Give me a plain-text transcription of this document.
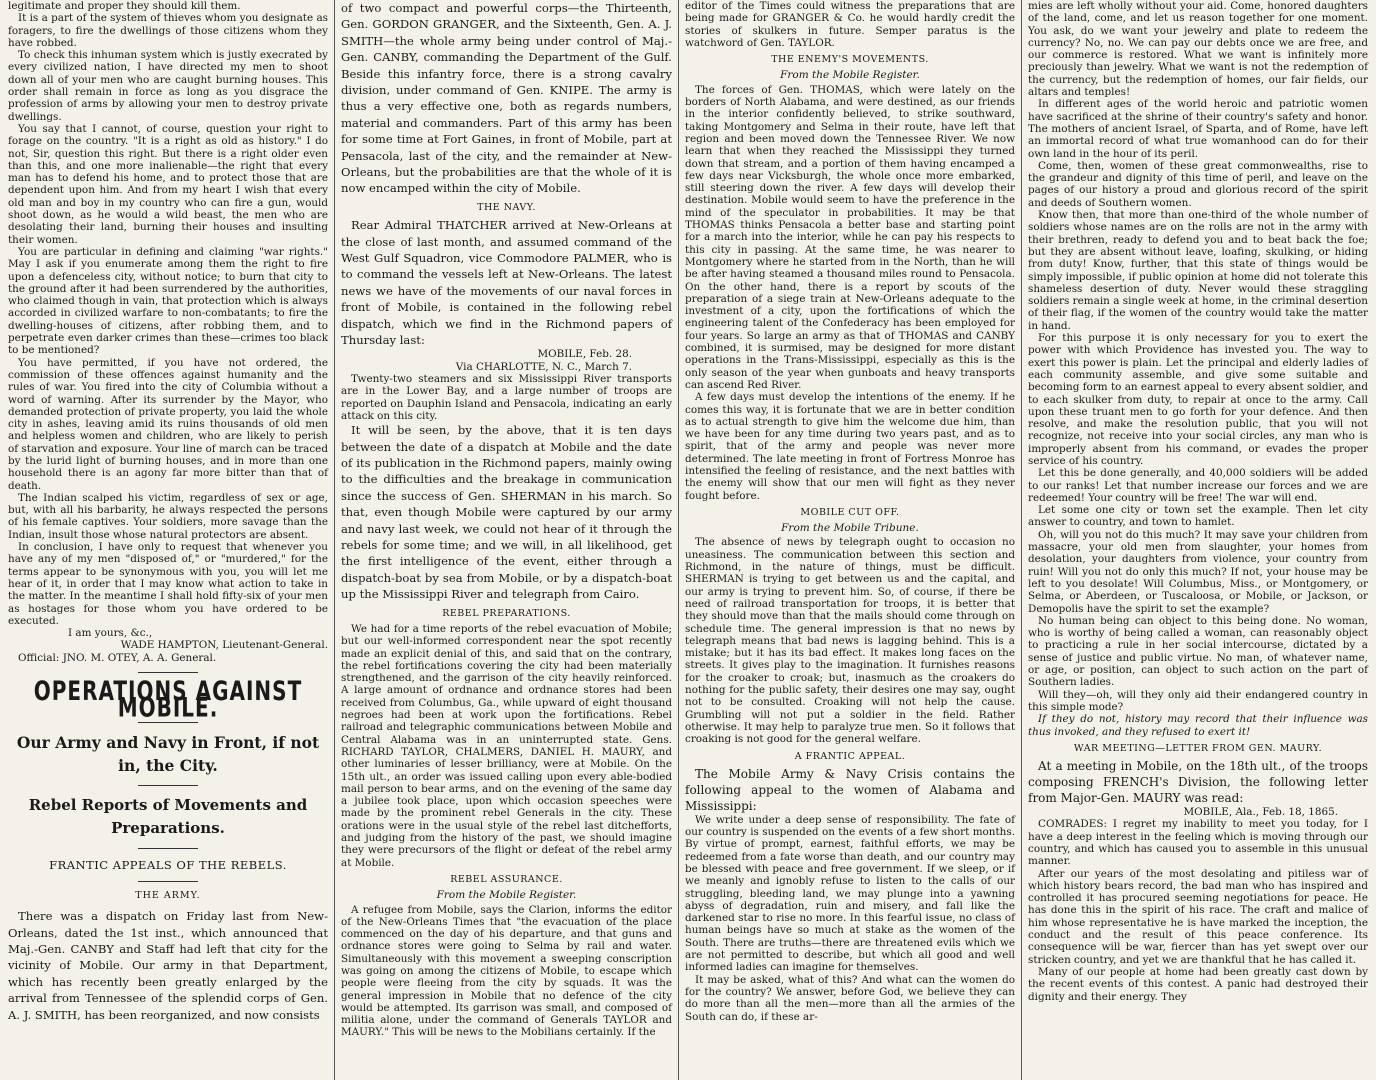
legitimate and proper they should kill them.

It is a part of the system of thieves whom you designate as foragers, to fire the dwellings of those citizens whom they have robbed.

To check this inhuman system which is justly execrated by every civilized nation, I have directed my men to shoot down all of your men who are caught burning houses. This order shall remain in force as long as you disgrace the profession of arms by allowing your men to destroy private dwellings.

You say that I cannot, of course, question your right to forage on the country. "It is a right as old as history." I do not, Sir, question this right. But there is a right older even than this, and one more inalienable—the right that every man has to defend his home, and to protect those that are dependent upon him. And from my heart I wish that every old man and boy in my country who can fire a gun, would shoot down, as he would a wild beast, the men who are desolating their land, burning their houses and insulting their women.

You are particular in defining and claiming "war rights." May I ask if you enumerate among them the right to fire upon a defenceless city, without notice; to burn that city to the ground after it had been surrendered by the authorities, who claimed though in vain, that protection which is always accorded in civilized warfare to non-combatants; to fire the dwelling-houses of citizens, after robbing them, and to perpetrate even darker crimes than these—crimes too black to be mentioned?

You have permitted, if you have not ordered, the commission of these offences against humanity and the rules of war. You fired into the city of Columbia without a word of warning. After its surrender by the Mayor, who demanded protection of private property, you laid the whole city in ashes, leaving amid its ruins thousands of old men and helpless women and children, who are likely to perish of starvation and exposure. Your line of march can be traced by the lurid light of burning houses, and in more than one household there is an agony far more bitter than that of death.

The Indian scalped his victim, regardless of sex or age, but, with all his barbarity, he always respected the persons of his female captives. Your soldiers, more savage than the Indian, insult those whose natural protectors are absent.

In conclusion, I have only to request that whenever you have any of my men "disposed of," or "murdered," for the terms appear to be synonymous with you, you will let me hear of it, in order that I may know what action to take in the matter. In the meantime I shall hold fifty-six of your men as hostages for those whom you have ordered to be executed.

I am yours, &c.,

WADE HAMPTON, Lieutenant-General.

Official: JNO. M. OTEY, A. A. General.

OPERATIONS AGAINST MOBILE.
Our Army and Navy in Front, if not in, the City.
Rebel Reports of Movements and Preparations.
FRANTIC APPEALS OF THE REBELS.
THE ARMY.

There was a dispatch on Friday last from New-Orleans, dated the 1st inst., which announced that Maj.-Gen. CANBY and Staff had left that city for the vicinity of Mobile. Our army in that Department, which has recently been greatly enlarged by the arrival from Tennessee of the splendid corps of Gen. A. J. SMITH, has been reorganized, and now consists

of two compact and powerful corps—the Thirteenth, Gen. GORDON GRANGER, and the Sixteenth, Gen. A. J. SMITH—the whole army being under control of Maj.-Gen. CANBY, commanding the Department of the Gulf. Beside this infantry force, there is a strong cavalry division, under command of Gen. KNIPE. The army is thus a very effective one, both as regards numbers, material and commanders. Part of this army has been for some time at Fort Gaines, in front of Mobile, part at Pensacola, last of the city, and the remainder at New-Orleans, but the probabilities are that the whole of it is now encamped within the city of Mobile.

THE NAVY.

Rear Admiral THATCHER arrived at New-Orleans at the close of last month, and assumed command of the West Gulf Squadron, vice Commodore PALMER, who is to command the vessels left at New-Orleans. The latest news we have of the movements of our naval forces in front of Mobile, is contained in the following rebel dispatch, which we find in the Richmond papers of Thursday last:

MOBILE, Feb. 28.

Via CHARLOTTE, N. C., March 7.

Twenty-two steamers and six Mississippi River transports are in the Lower Bay, and a large number of troops are reported on Dauphin Island and Pensacola, indicating an early attack on this city.

It will be seen, by the above, that it is ten days between the date of a dispatch at Mobile and the date of its publication in the Richmond papers, mainly owing to the difficulties and the breakage in communication since the success of Gen. SHERMAN in his march. So that, even though Mobile were captured by our army and navy last week, we could not hear of it through the rebels for some time; and we will, in all likelihood, get the first intelligence of the event, either through a dispatch-boat by sea from Mobile, or by a dispatch-boat up the Mississippi River and telegraph from Cairo.

REBEL PREPARATIONS.

We had for a time reports of the rebel evacuation of Mobile; but our well-informed correspondent near the spot recently made an explicit denial of this, and said that on the contrary, the rebel fortifications covering the city had been materially strengthened, and the garrison of the city heavily reinforced. A large amount of ordnance and ordnance stores had been received from Columbus, Ga., while upward of eight thousand negroes had been at work upon the fortifications. Rebel railroad and telegraphic communications between Mobile and Central Alabama was in an uninterrupted state. Gens. RICHARD TAYLOR, CHALMERS, DANIEL H. MAURY, and other luminaries of lesser brilliancy, were at Mobile. On the 15th ult., an order was issued calling upon every able-bodied mail person to bear arms, and on the evening of the same day a jubilee took place, upon which occasion speeches were made by the prominent rebel Generals in the city. These orations were in the usual style of the rebel last ditchefforts, and judging from the history of the past, we should imagine they were precursors of the flight or defeat of the rebel army at Mobile.

REBEL ASSURANCE.
From the Mobile Register.

A refugee from Mobile, says the Clarion, informs the editor of the New-Orleans Times that "the evacuation of the place commenced on the day of his departure, and that guns and ordnance stores were going to Selma by rail and water. Simultaneously with this movement a sweeping conscription was going on among the citizens of Mobile, to escape which people were fleeing from the city by squads. It was the general impression in Mobile that no defence of the city would be attempted. Its garrison was small, and composed of militia alone, under the command of Generals TAYLOR and MAURY." This will be news to the Mobilians certainly. If the

editor of the Times could witness the preparations that are being made for GRANGER & Co. he would hardly credit the stories of skulkers in future. Semper paratus is the watchword of Gen. TAYLOR.

THE ENEMY'S MOVEMENTS.
From the Mobile Register.

The forces of Gen. THOMAS, which were lately on the borders of North Alabama, and were destined, as our friends in the interior confidently believed, to strike southward, taking Montgomery and Selma in their route, have left that region and been moved down the Tennessee River. We now learn that when they reached the Mississippi they turned down that stream, and a portion of them having encamped a few days near Vicksburgh, the whole once more embarked, still steering down the river. A few days will develop their destination. Mobile would seem to have the preference in the mind of the speculator in probabilities. It may be that THOMAS thinks Pensacola a better base and starting point for a march into the interior, while he can pay his respects to this city in passing. At the same time, he was nearer to Montgomery where he started from in the North, than he will be after having steamed a thousand miles round to Pensacola. On the other hand, there is a report by scouts of the preparation of a siege train at New-Orleans adequate to the investment of a city, upon the fortifications of which the engineering talent of the Confederacy has been employed for four years. So large an army as that of THOMAS and CANBY combined, it is surmised, may be designed for more distant operations in the Trans-Mississippi, especially as this is the only season of the year when gunboats and heavy transports can ascend Red River.

A few days must develop the intentions of the enemy. If he comes this way, it is fortunate that we are in better condition as to actual strength to give him the welcome due him, than we have been for any time during two years past, and as to spirit, that of the army and people was never more determined. The late meeting in front of Fortress Monroe has intensified the feeling of resistance, and the next battles with the enemy will show that our men will fight as they never fought before.

MOBILE CUT OFF.
From the Mobile Tribune.

The absence of news by telegraph ought to occasion no uneasiness. The communication between this section and Richmond, in the nature of things, must be difficult. SHERMAN is trying to get between us and the capital, and our army is trying to prevent him. So, of course, if there be need of railroad transportation for troops, it is better that they should move than that the mails should come through on schedule time. The general impression is that no news by telegraph means that bad news is lagging behind. This is a mistake; but it has its bad effect. It makes long faces on the streets. It gives play to the imagination. It furnishes reasons for the croaker to croak; but, inasmuch as the croakers do nothing for the public safety, their desires one may say, ought not to be consulted. Croaking will not help the cause. Grumbling will not put a soldier in the field. Rather otherwise. It may help to paralyze true men. So it follows that croaking is not good for the general welfare.

A FRANTIC APPEAL.

The Mobile Army & Navy Crisis contains the following appeal to the women of Alabama and Mississippi:

We write under a deep sense of responsibility. The fate of our country is suspended on the events of a few short months. By virtue of prompt, earnest, faithful efforts, we may be redeemed from a fate worse than death, and our country may be blessed with peace and free government. If we sleep, or if we meanly and ignobly refuse to listen to the calls of our struggling, bleeding land, we may plunge into a yawning abyss of degradation, ruin and misery, and fall like the darkened star to rise no more. In this fearful issue, no class of human beings have so much at stake as the women of the South. There are truths—there are threatened evils which we are not permitted to describe, but which all good and well informed ladies can imagine for themselves.

It may be asked, what of this? And what can the women do for the country? We answer, before God, we believe they can do more than all the men—more than all the armies of the South can do, if these ar-

mies are left wholly without your aid. Come, honored daughters of the land, come, and let us reason together for one moment. You ask, do we want your jewelry and plate to redeem the currency? No, no. We can pay our debts once we are free, and our commerce is restored. What we want is infinitely more preciously than jewelry. What we want is not the redemption of the currency, but the redemption of homes, our fair fields, our altars and temples!

In different ages of the world heroic and patriotic women have sacrificed at the shrine of their country's safety and honor. The mothers of ancient Israel, of Sparta, and of Rome, have left an immortal record of what true womanhood can do for their own land in the hour of its peril.

Come, then, women of these great commonwealths, rise to the grandeur and dignity of this time of peril, and leave on the pages of our history a proud and glorious record of the spirit and deeds of Southern women.

Know then, that more than one-third of the whole number of soldiers whose names are on the rolls are not in the army with their brethren, ready to defend you and to beat back the foe; but they are absent without leave, loafing, skulking, or hiding from duty! Know, further, that this state of things would be simply impossible, if public opinion at home did not tolerate this shameless desertion of duty. Never would these straggling soldiers remain a single week at home, in the criminal desertion of their flag, if the women of the country would take the matter in hand.

For this purpose it is only necessary for you to exert the power with which Providence has invested you. The way to exert this power is plain. Let the principal and elderly ladies of each community assemble, and give some suitable and becoming form to an earnest appeal to every absent soldier, and to each skulker from duty, to repair at once to the army. Call upon these truant men to go forth for your defence. And then resolve, and make the resolution public, that you will not recognize, not receive into your social circles, any man who is improperly absent from his command, or evades the proper service of his country.

Let this be done generally, and 40,000 soldiers will be added to our ranks! Let that number increase our forces and we are redeemed! Your country will be free! The war will end.

Let some one city or town set the example. Then let city answer to country, and town to hamlet.

Oh, will you not do this much? It may save your children from massacre, your old men from slaughter, your homes from desolation, your daughters from violence, your country from ruin! Will you not do only this much? If not, your house may be left to you desolate! Will Columbus, Miss., or Montgomery, or Selma, or Aberdeen, or Tuscaloosa, or Mobile, or Jackson, or Demopolis have the spirit to set the example?

No human being can object to this being done. No woman, who is worthy of being called a woman, can reasonably object to practicing a rule in her social intercourse, dictated by a sense of justice and public virtue. No man, of whatever name, or age, or position, can object to such action on the part of Southern ladies.

Will they—oh, will they only aid their endangered country in this simple mode?

If they do not, history may record that their influence was thus invoked, and they refused to exert it!

WAR MEETING—LETTER FROM GEN. MAURY.

At a meeting in Mobile, on the 18th ult., of the troops composing FRENCH's Division, the following letter from Major-Gen. MAURY was read:

MOBILE, Ala., Feb. 18, 1865.

COMRADES: I regret my inability to meet you today, for I have a deep interest in the feeling which is moving through our country, and which has caused you to assemble in this unusual manner.

After our years of the most desolating and pitiless war of which history bears record, the bad man who has inspired and controlled it has procured seeming negotiations for peace. He has done this in the spirit of his race. The craft and malice of him whose representative he is have marked the inception, the conduct and the result of this peace conference. Its consequence will be war, fiercer than has yet swept over our stricken country, and yet we are thankful that he has called it.

Many of our people at home had been greatly cast down by the recent events of this contest. A panic had destroyed their dignity and their energy. They
